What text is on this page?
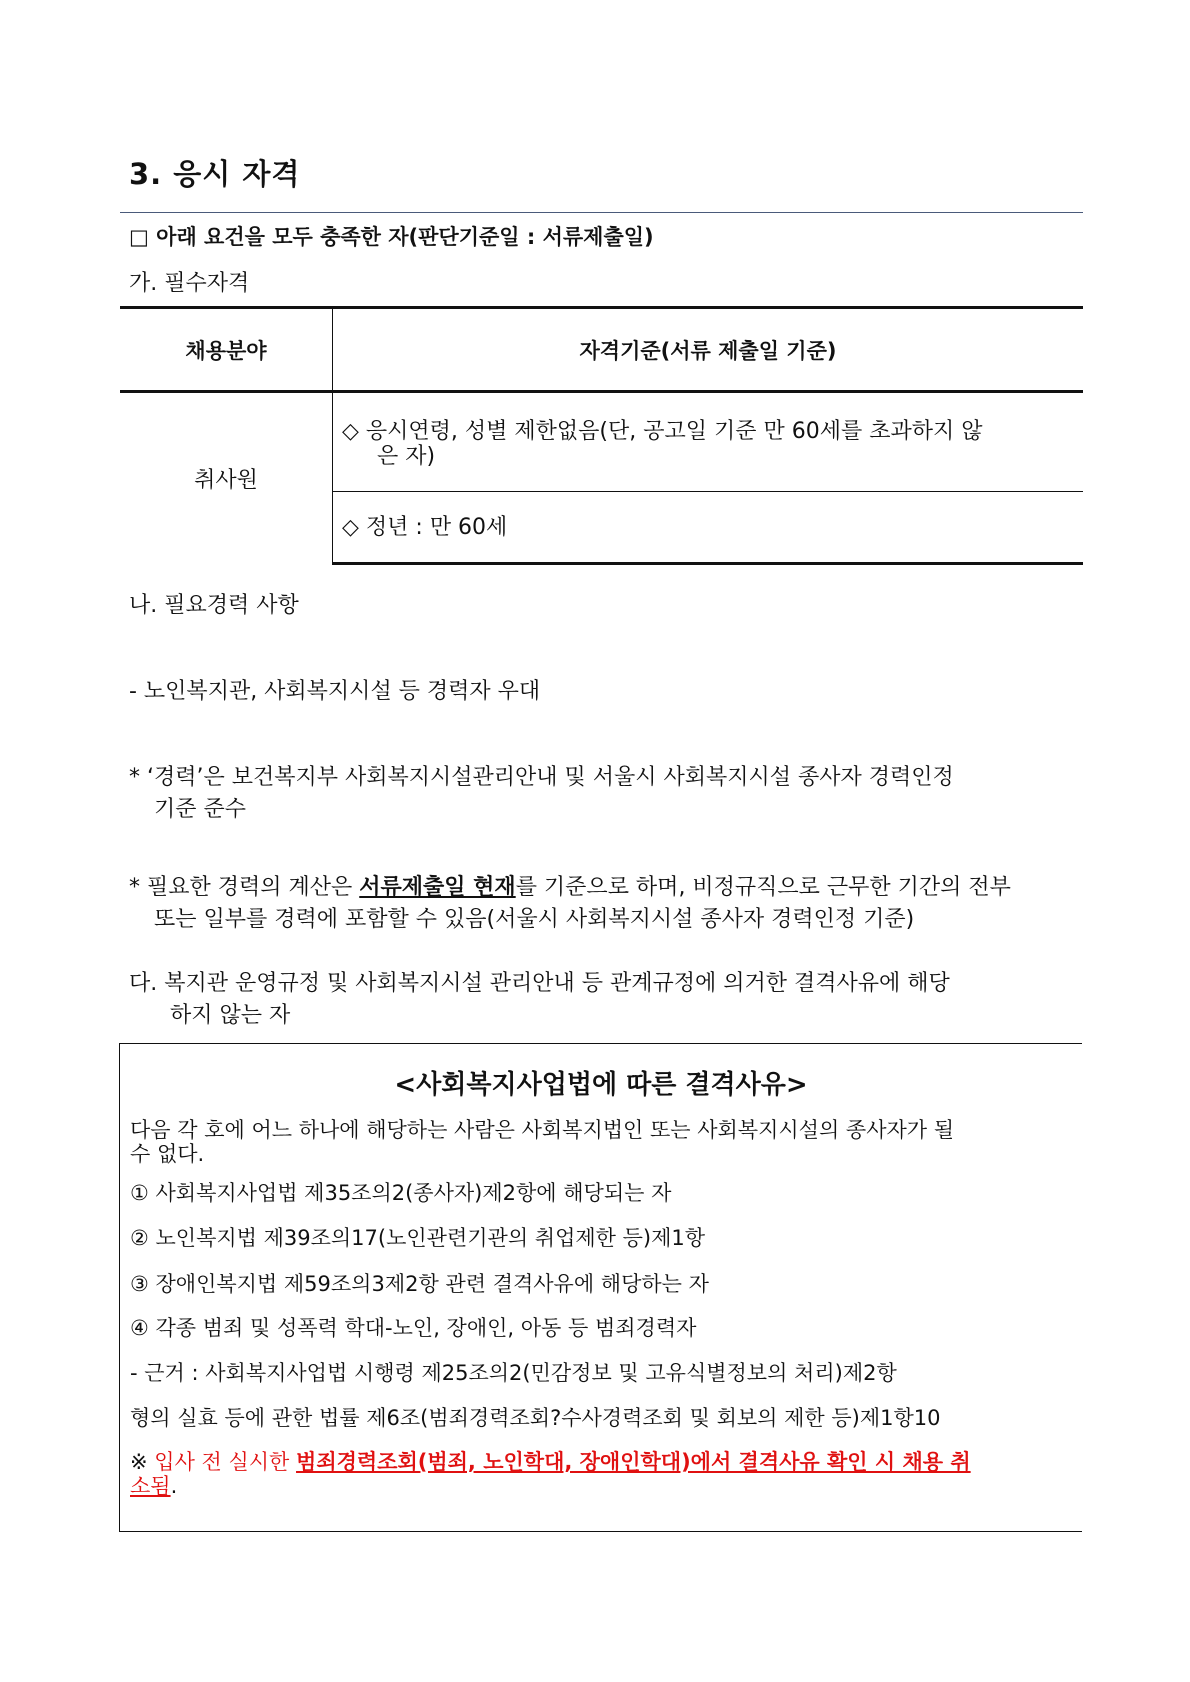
3. 응시 자격
□ 아래 요건을 모두 충족한 자(판단기준일 : 서류제출일)
가. 필수자격
채용분야	자격기준(서류 제출일 기준)
취사원	◇ 응시연령, 성별 제한없음(단, 공고일 기준 만 60세를 초과하지 않
은 자)

	◇ 정년 : 만 60세
나. 필요경력 사항
- 노인복지관, 사회복지시설 등 경력자 우대
* ‘경력’은 보건복지부 사회복지시설관리안내 및 서울시 사회복지시설 종사자 경력인정
기준 준수
* 필요한 경력의 계산은 서류제출일 현재를 기준으로 하며, 비정규직으로 근무한 기간의 전부
또는 일부를 경력에 포함할 수 있음(서울시 사회복지시설 종사자 경력인정 기준)
다. 복지관 운영규정 및 사회복지시설 관리안내 등 관계규정에 의거한 결격사유에 해당
하지 않는 자
<사회복지사업법에 따른 결격사유>
다음 각 호에 어느 하나에 해당하는 사람은 사회복지법인 또는 사회복지시설의 종사자가 될
수 없다.
① 사회복지사업법 제35조의2(종사자)제2항에 해당되는 자
② 노인복지법 제39조의17(노인관련기관의 취업제한 등)제1항
③ 장애인복지법 제59조의3제2항 관련 결격사유에 해당하는 자
④ 각종 범죄 및 성폭력 학대-노인, 장애인, 아동 등 범죄경력자
- 근거 : 사회복지사업법 시행령 제25조의2(민감정보 및 고유식별정보의 처리)제2항
형의 실효 등에 관한 법률 제6조(범죄경력조회?수사경력조회 및 회보의 제한 등)제1항10
※ 입사 전 실시한 범죄경력조회(범죄, 노인학대, 장애인학대)에서 결격사유 확인 시 채용 취
소됨.
